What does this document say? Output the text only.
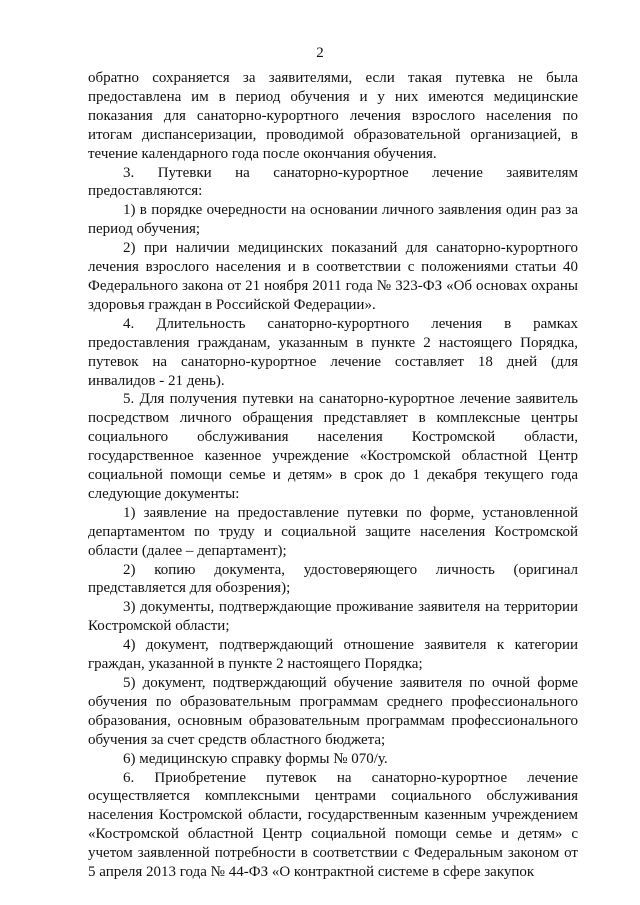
2

обратно сохраняется за заявителями, если такая путевка не была предоставлена им в период обучения и у них имеются медицинские показания для санаторно-курортного лечения взрослого населения по итогам диспансеризации, проводимой образовательной организацией, в течение календарного года после окончания обучения.

3. Путевки на санаторно-курортное лечение заявителям предоставляются:

1) в порядке очередности на основании личного заявления один раз за период обучения;

2) при наличии медицинских показаний для санаторно-курортного лечения взрослого населения и в соответствии с положениями статьи 40 Федерального закона от 21 ноября 2011 года № 323-ФЗ «Об основах охраны здоровья граждан в Российской Федерации».

4. Длительность санаторно-курортного лечения в рамках предоставления гражданам, указанным в пункте 2 настоящего Порядка, путевок на санаторно-курортное лечение составляет 18 дней (для инвалидов - 21 день).

5. Для получения путевки на санаторно-курортное лечение заявитель посредством личного обращения представляет в комплексные центры социального обслуживания населения Костромской области, государственное казенное учреждение «Костромской областной Центр социальной помощи семье и детям» в срок до 1 декабря текущего года следующие документы:

1) заявление на предоставление путевки по форме, установленной департаментом по труду и социальной защите населения Костромской области (далее – департамент);

2) копию документа, удостоверяющего личность (оригинал представляется для обозрения);

3) документы, подтверждающие проживание заявителя на территории Костромской области;

4) документ, подтверждающий отношение заявителя к категории граждан, указанной в пункте 2 настоящего Порядка;

5) документ, подтверждающий обучение заявителя по очной форме обучения по образовательным программам среднего профессионального образования, основным образовательным программам профессионального обучения за счет средств областного бюджета;

6) медицинскую справку формы № 070/у.

6. Приобретение путевок на санаторно-курортное лечение осуществляется комплексными центрами социального обслуживания населения Костромской области, государственным казенным учреждением «Костромской областной Центр социальной помощи семье и детям» с учетом заявленной потребности в соответствии с Федеральным законом от 5 апреля 2013 года № 44-ФЗ «О контрактной системе в сфере закупок
